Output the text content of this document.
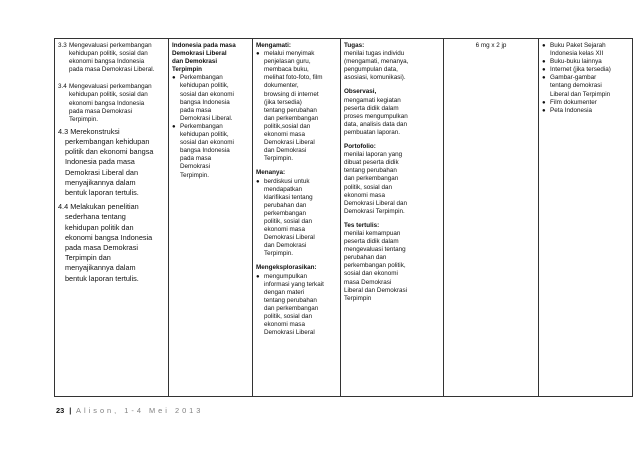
3.3 Mengevaluasi perkembangan
kehidupan politik, sosial dan
ekonomi bangsa Indonesia
pada masa Demokrasi Liberal.
3.4 Mengevaluasi perkembangan
kehidupan politik, sosial dan
ekonomi bangsa Indonesia
pada masa Demokrasi
Terpimpin.
4.3 Merekonstruksi
perkembangan kehidupan
politik dan ekonomi bangsa
Indonesia pada masa
Demokrasi Liberal dan
menyajikannya dalam
bentuk laporan tertulis.
4.4 Melakukan penelitian
sederhana tentang
kehidupan politik dan
ekonomi bangsa Indonesia
pada masa Demokrasi
Terpimpin dan
menyajikannya dalam
bentuk laporan tertulis.

Indonesia pada masa
Demokrasi Liberal
dan Demokrasi
Terpimpin
● Perkembangan
kehidupan politik,
sosial dan ekonomi
bangsa Indonesia
pada masa
Demokrasi Liberal.
● Perkembangan
kehidupan politik,
sosial dan ekonomi
bangsa Indonesia
pada masa
Demokrasi
Terpimpin.

Mengamati:
● melalui menyimak
penjelasan guru,
membaca buku,
melihat foto-foto, film
dokumenter,
browsing di internet
(jika tersedia)
tentang perubahan
dan perkembangan
politik,sosial dan
ekonomi masa
Demokrasi Liberal
dan Demokrasi
Terpimpin.
Menanya:
● berdiskusi untuk
mendapatkan
klarifikasi tentang
perubahan dan
perkembangan
politik, sosial dan
ekonomi masa
Demokrasi Liberal
dan Demokrasi
Terpimpin.
Mengeksplorasikan:
● mengumpulkan
informasi yang terkait
dengan materi
tentang perubahan
dan perkembangan
politik, sosial dan
ekonomi masa
Demokrasi Liberal

Tugas:
menilai tugas individu
(mengamati, menanya,
pengumpulan data,
asosiasi, komunikasi).
Observasi,
mengamati kegiatan
peserta didik dalam
proses mengumpulkan
data, analisis data dan
pembuatan laporan.
Portofolio:
menilai laporan yang
dibuat peserta didik
tentang perubahan
dan perkembangan
politik, sosial dan
ekonomi masa
Demokrasi Liberal dan
Demokrasi Terpimpin.
Tes tertulis:
menilai kemampuan
peserta didik dalam
mengevaluasi tentang
perubahan dan
perkembangan politik,
sosial dan ekonomi
masa Demokrasi
Liberal dan Demokrasi
Terpimpin

6 mg x 2 jp	● Buku Paket Sejarah
Indonesia kelas XII
● Buku-buku lainnya
● Internet (jika tersedia)
● Gambar-gambar
tentang demokrasi
Liberal dan Terpimpin
● Film dokumenter
● Peta Indonesia
23 | Alison, 1-4 Mei 2013
